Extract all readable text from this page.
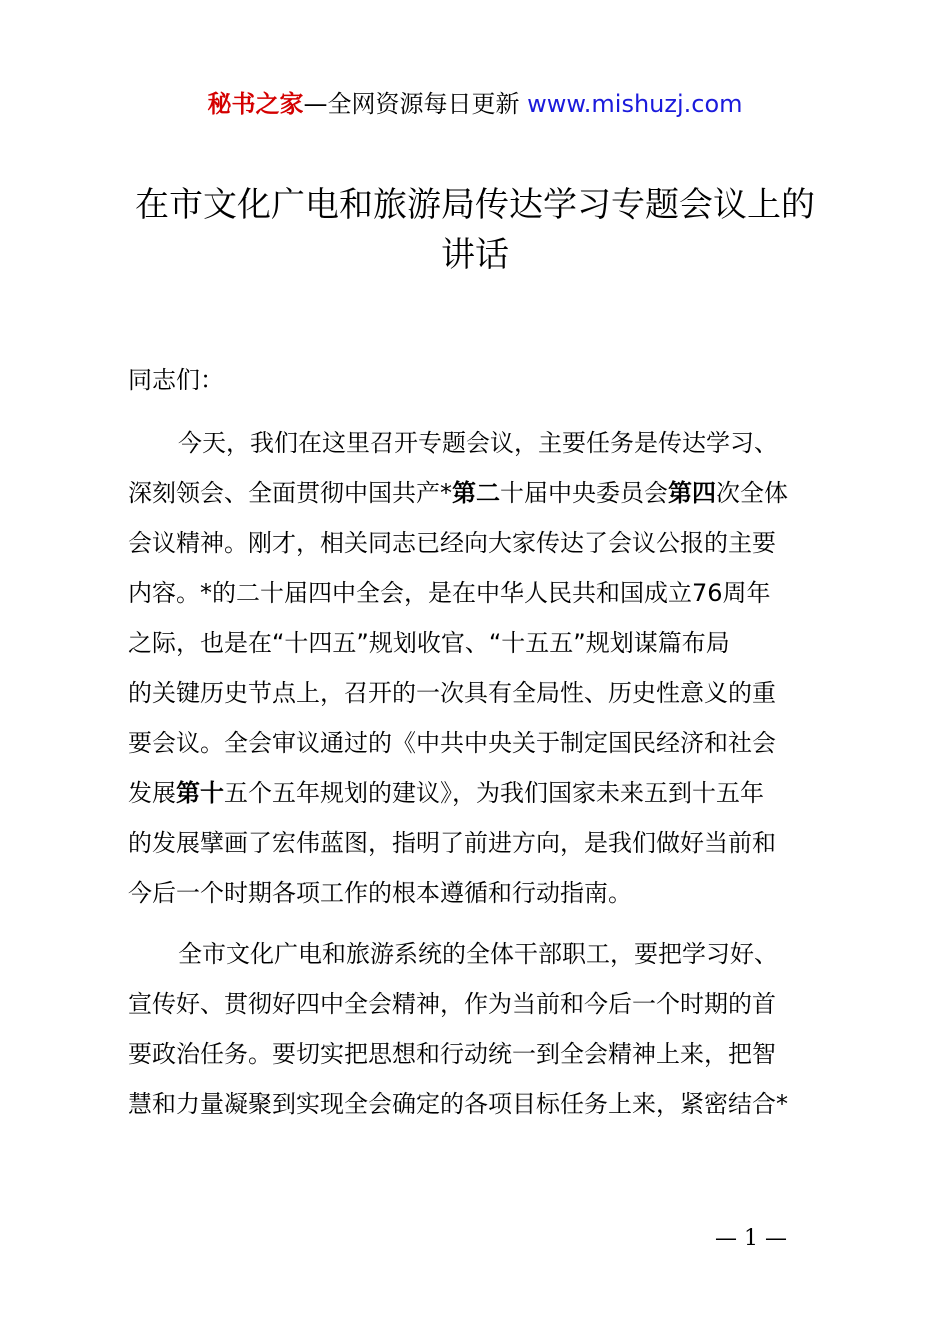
秘书之家—全网资源每日更新 www.mishuzj.com
在市文化广电和旅游局传达学习专题会议上的
讲话

同志们：

今天，我们在这里召开专题会议，主要任务是传达学习、
深刻领会、全面贯彻中国共产*第二十届中央委员会第四次全体
会议精神。刚才，相关同志已经向大家传达了会议公报的主要
内容。*的二十届四中全会，是在中华人民共和国成立76周年
之际，也是在“十四五”规划收官、“十五五”规划谋篇布局
的关键历史节点上，召开的一次具有全局性、历史性意义的重
要会议。全会审议通过的《中共中央关于制定国民经济和社会
发展第十五个五年规划的建议》，为我们国家未来五到十五年
的发展擘画了宏伟蓝图，指明了前进方向，是我们做好当前和
今后一个时期各项工作的根本遵循和行动指南。
全市文化广电和旅游系统的全体干部职工，要把学习好、
宣传好、贯彻好四中全会精神，作为当前和今后一个时期的首
要政治任务。要切实把思想和行动统一到全会精神上来，把智
慧和力量凝聚到实现全会确定的各项目标任务上来，紧密结合*
— 1 —
